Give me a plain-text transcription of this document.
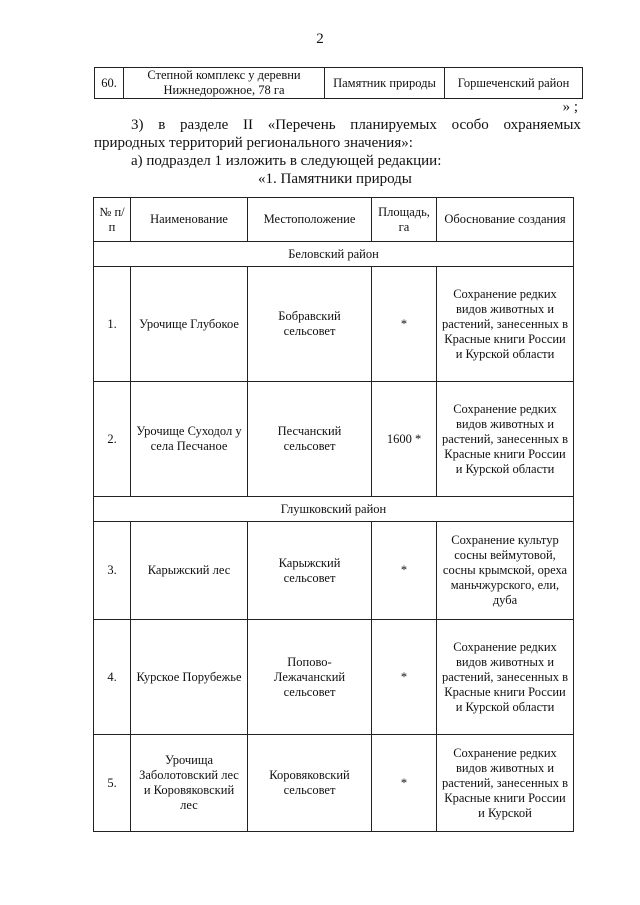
2
60.	Степной комплекс у деревни Нижнедорожное, 78 га	Памятник природы	Горшеченский район
» ;
3) в разделе II «Перечень планируемых особо охраняемых
природных территорий регионального значения»:
а) подраздел 1 изложить в следующей редакции:
«1. Памятники природы
№ п/п	Наименование	Местоположение	Площадь, га	Обоснование создания
Беловский район				
1.	Урочище Глубокое	Бобравский сельсовет	*	Сохранение редких видов животных и растений, занесенных в Красные книги России и Курской области
2.	Урочище Суходол у села Песчаное	Песчанский сельсовет	1600 *	Сохранение редких видов животных и растений, занесенных в Красные книги России и Курской области
Глушковский район				
3.	Карыжский лес	Карыжский сельсовет	*	Сохранение культур сосны веймутовой, сосны крымской, ореха маньчжурского, ели, дуба
4.	Курское Порубежье	Попово-Лежачанский сельсовет	*	Сохранение редких видов животных и растений, занесенных в Красные книги России и Курской области
5.	Урочища Заболотовский лес и Коровяковский лес	Коровяковский сельсовет	*	Сохранение редких видов животных и растений, занесенных в Красные книги России и Курской
